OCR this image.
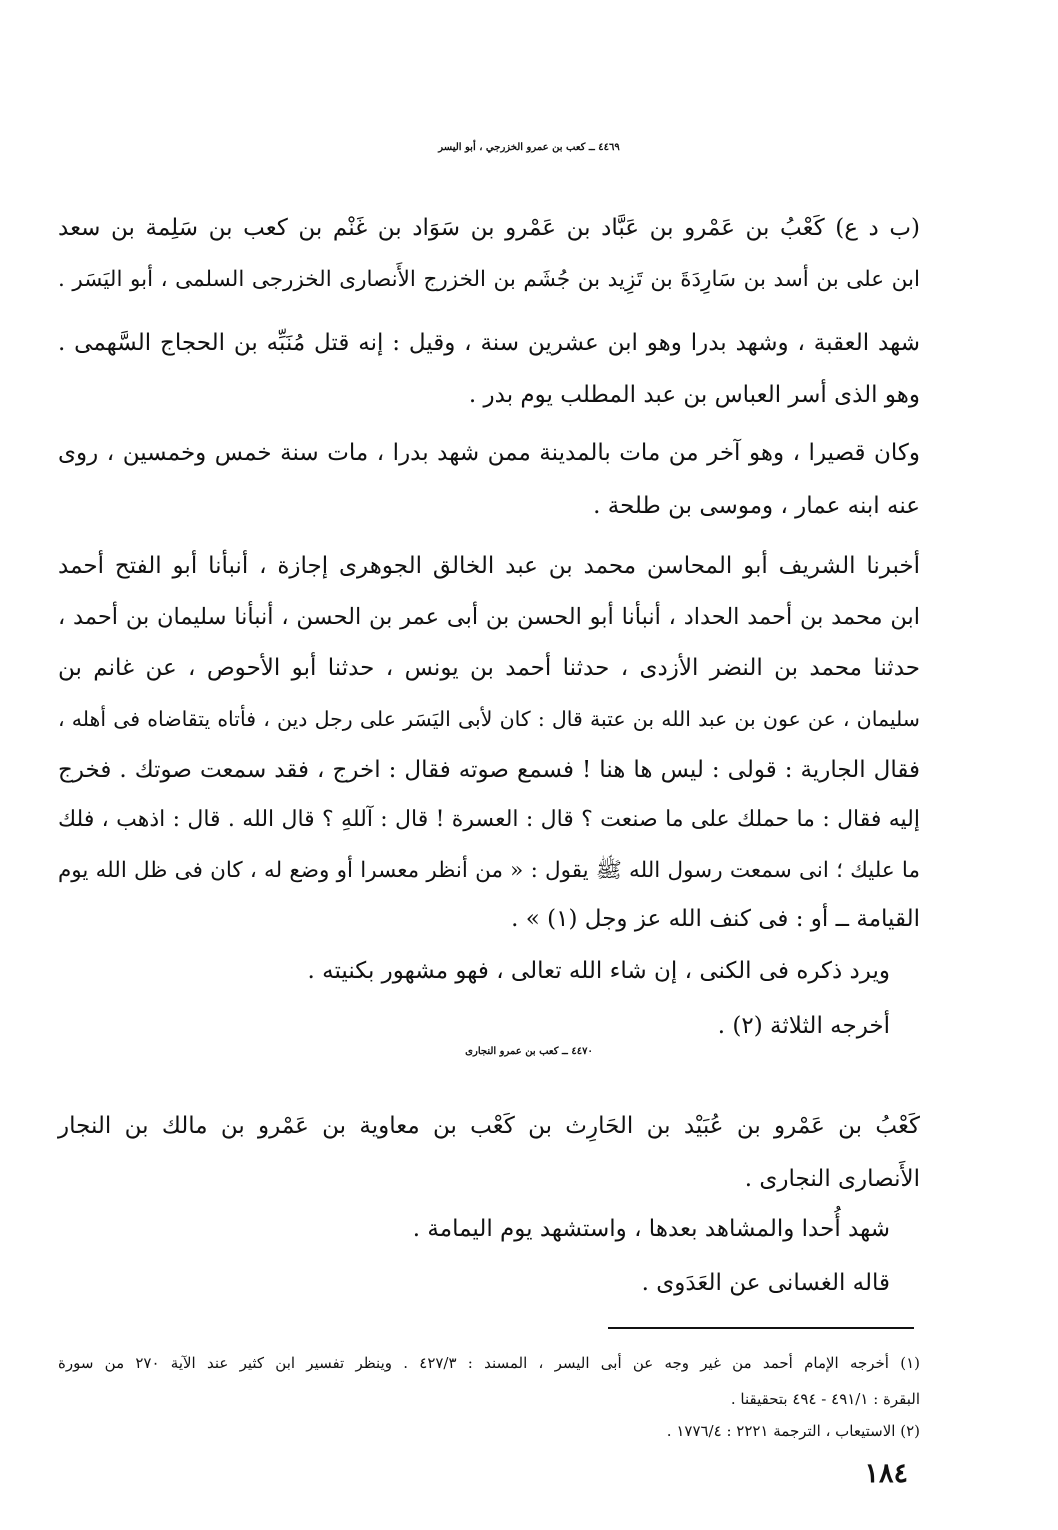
٤٤٦٩ ــ كعب بن عمرو الخزرجي ، أبو اليسر
(ب د ع) كَعْبُ بن عَمْرو بن عَبَّاد بن عَمْرو بن سَوَاد بن غَنْم بن كعب بن سَلِمة بن سعد
ابن على بن أسد بن سَارِدَةَ بن تَزِيد بن جُشَم بن الخزرج الأَنصارى الخزرجى السلمى ، أبو اليَسَر .
شهد العقبة ، وشهد بدرا وهو ابن عشرين سنة ، وقيل : إنه قتل مُنَبِّه بن الحجاج السَّهمى .
وهو الذى أسر العباس بن عبد المطلب يوم بدر .
وكان قصيرا ، وهو آخر من مات بالمدينة ممن شهد بدرا ، مات سنة خمس وخمسين ، روى
عنه ابنه عمار ، وموسى بن طلحة .
أخبرنا الشريف أبو المحاسن محمد بن عبد الخالق الجوهرى إجازة ، أنبأنا أبو الفتح أحمد
ابن محمد بن أحمد الحداد ، أنبأنا أبو الحسن بن أبى عمر بن الحسن ، أنبأنا سليمان بن أحمد ،
حدثنا محمد بن النضر الأزدى ، حدثنا أحمد بن يونس ، حدثنا أبو الأحوص ، عن غانم بن
سليمان ، عن عون بن عبد الله بن عتبة قال : كان لأبى اليَسَر على رجل دين ، فأتاه يتقاضاه فى أهله ،
فقال الجارية : قولى : ليس ها هنا ! فسمع صوته فقال : اخرج ، فقد سمعت صوتك . فخرج
إليه فقال : ما حملك على ما صنعت ؟ قال : العسرة ! قال : آللهِ ؟ قال الله . قال : اذهب ، فلك
ما عليك ؛ انى سمعت رسول الله ﷺ يقول : « من أنظر معسرا أو وضع له ، كان فى ظل الله يوم
القيامة ــ أو : فى كنف الله عز وجل (١) » .
ويرد ذكره فى الكنى ، إن شاء الله تعالى ، فهو مشهور بكنيته .
أخرجه الثلاثة (٢) .
٤٤٧٠ ــ كعب بن عمرو النجارى
كَعْبُ بن عَمْرو بن عُبَيْد بن الحَارِث بن كَعْب بن معاوية بن عَمْرو بن مالك بن النجار
الأَنصارى النجارى .
شهد أُحدا والمشاهد بعدها ، واستشهد يوم اليمامة .
قاله الغسانى عن العَدَوى .
(١) أخرجه الإمام أحمد من غير وجه عن أبى اليسر ، المسند : ٤٢٧/٣ . وينظر تفسير ابن كثير عند الآية ٢٧٠ من سورة
البقرة : ٤٩١/١ - ٤٩٤ بتحقيقنا .
(٢) الاستيعاب ، الترجمة ٢٢٢١ : ١٧٧٦/٤ .
١٨٤
